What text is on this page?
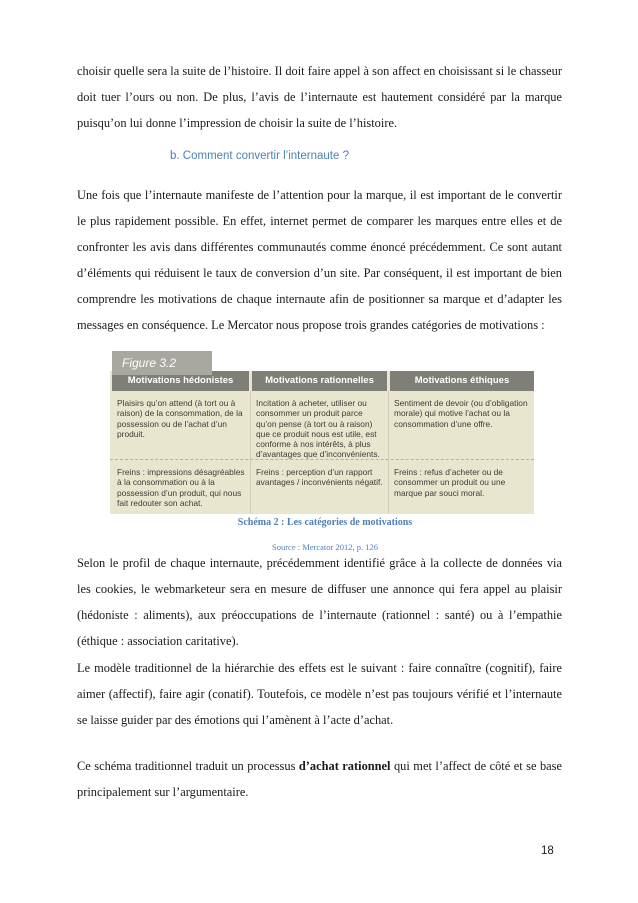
choisir quelle sera la suite de l’histoire. Il doit faire appel à son affect en choisissant si le chasseur doit tuer l’ours ou non. De plus, l’avis de l’internaute est hautement considéré par la marque puisqu’on lui donne l’impression de choisir la suite de l’histoire.

b. Comment convertir l’internaute ?

Une fois que l’internaute manifeste de l’attention pour la marque, il est important de le convertir le plus rapidement possible. En effet, internet permet de comparer les marques entre elles et de confronter les avis dans différentes communautés comme énoncé précédemment. Ce sont autant d’éléments qui réduisent le taux de conversion d’un site. Par conséquent, il est important de bien comprendre les motivations de chaque internaute afin de positionner sa marque et d’adapter les messages en conséquence. Le Mercator nous propose trois grandes catégories de motivations :

Motivations hédonistes	Motivations rationnelles	Motivations éthiques

Plaisirs qu’on attend (à tort ou à raison) de la consommation, de la possession ou de l’achat d’un produit.

Incitation à acheter, utiliser ou consommer un produit parce qu’on pense (à tort ou à raison) que ce produit nous est utile, est conforme à nos intérêts, à plus d’avantages que d’inconvénients.

Sentiment de devoir (ou d’obligation morale) qui motive l’achat ou la consommation d’une offre.

Freins : impressions désagréables à la consommation ou à la possession d’un produit, qui nous fait redouter son achat.

Freins : perception d’un rapport avantages / inconvénients négatif.

Freins : refus d’acheter ou de consommer un produit ou une marque par souci moral.

Figure 3.2

Schéma 2 : Les catégories de motivations

Source : Mercator 2012, p. 126

Selon le profil de chaque internaute, précédemment identifié grâce à la collecte de données via les cookies, le webmarketeur sera en mesure de diffuser une annonce qui fera appel au plaisir (hédoniste : aliments), aux préoccupations de l’internaute (rationnel : santé) ou à l’empathie (éthique : association caritative).

Le modèle traditionnel de la hiérarchie des effets est le suivant : faire connaître (cognitif), faire aimer (affectif), faire agir (conatif). Toutefois, ce modèle n’est pas toujours vérifié et l’internaute se laisse guider par des émotions qui l’amènent à l’acte d’achat.

Ce schéma traditionnel traduit un processus d’achat rationnel qui met l’affect de côté et se base principalement sur l’argumentaire.

18
